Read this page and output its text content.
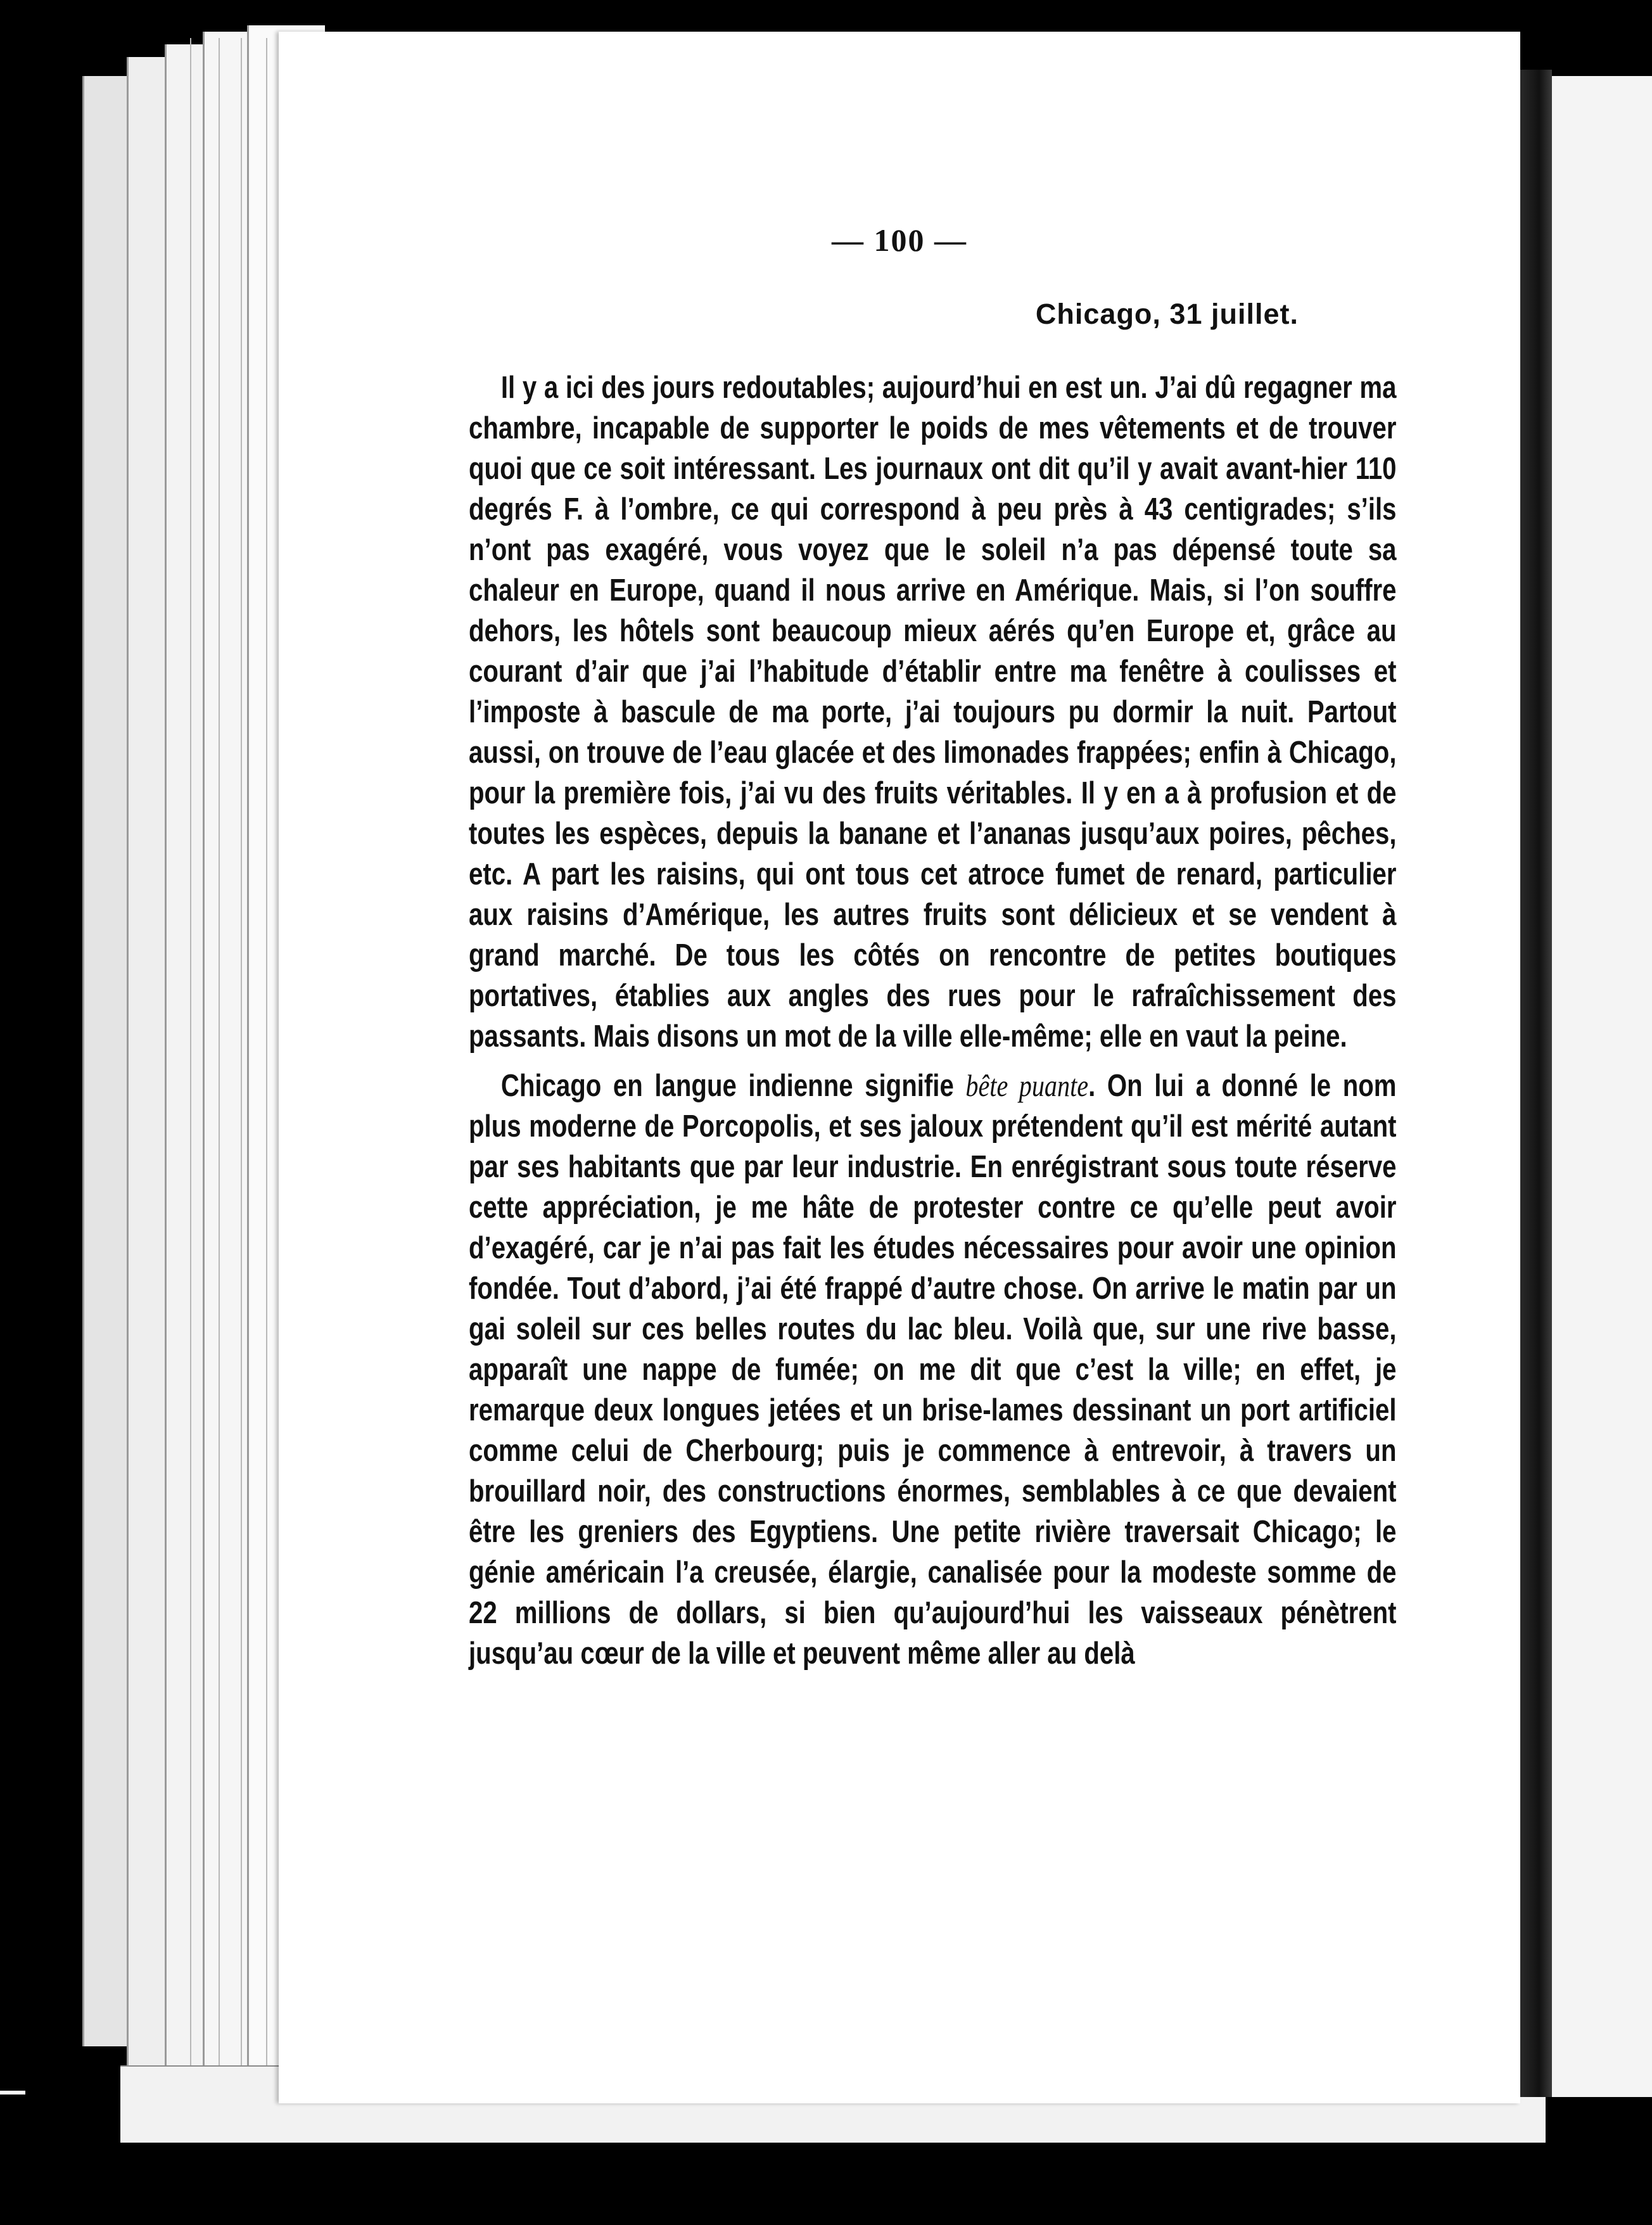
— 100 —

Chicago, 31 juillet.

Il y a ici des jours redoutables; aujourd’hui en est un. J’ai dû regagner ma chambre, incapable de supporter le poids de mes vêtements et de trouver quoi que ce soit intéressant. Les journaux ont dit qu’il y avait avant-hier 110 degrés F. à l’ombre, ce qui correspond à peu près à 43 centigrades; s’ils n’ont pas exagéré, vous voyez que le soleil n’a pas dépensé toute sa chaleur en Europe, quand il nous arrive en Amérique. Mais, si l’on souffre dehors, les hôtels sont beaucoup mieux aérés qu’en Europe et, grâce au courant d’air que j’ai l’habitude d’établir entre ma fenêtre à coulisses et l’imposte à bascule de ma porte, j’ai toujours pu dormir la nuit. Partout aussi, on trouve de l’eau glacée et des limonades frappées; enfin à Chicago, pour la première fois, j’ai vu des fruits véritables. Il y en a à profusion et de toutes les espèces, depuis la banane et l’ananas jusqu’aux poires, pêches, etc. A part les raisins, qui ont tous cet atroce fumet de renard, particulier aux raisins d’Amérique, les autres fruits sont délicieux et se vendent à grand marché. De tous les côtés on rencontre de petites boutiques portatives, établies aux angles des rues pour le rafraîchissement des passants. Mais disons un mot de la ville elle-même; elle en vaut la peine.

Chicago en langue indienne signifie bête puante. On lui a donné le nom plus moderne de Porcopolis, et ses jaloux prétendent qu’il est mérité autant par ses habitants que par leur industrie. En enrégistrant sous toute réserve cette appréciation, je me hâte de protester contre ce qu’elle peut avoir d’exagéré, car je n’ai pas fait les études nécessaires pour avoir une opinion fondée. Tout d’abord, j’ai été frappé d’autre chose. On arrive le matin par un gai soleil sur ces belles routes du lac bleu. Voilà que, sur une rive basse, apparaît une nappe de fumée; on me dit que c’est la ville; en effet, je remarque deux longues jetées et un brise-lames dessinant un port artificiel comme celui de Cherbourg; puis je commence à entrevoir, à travers un brouillard noir, des constructions énormes, semblables à ce que devaient être les greniers des Egyptiens. Une petite rivière traversait Chicago; le génie américain l’a creusée, élargie, canalisée pour la modeste somme de 22 millions de dollars, si bien qu’aujourd’hui les vaisseaux pénètrent jusqu’au cœur de la ville et peuvent même aller au delà
